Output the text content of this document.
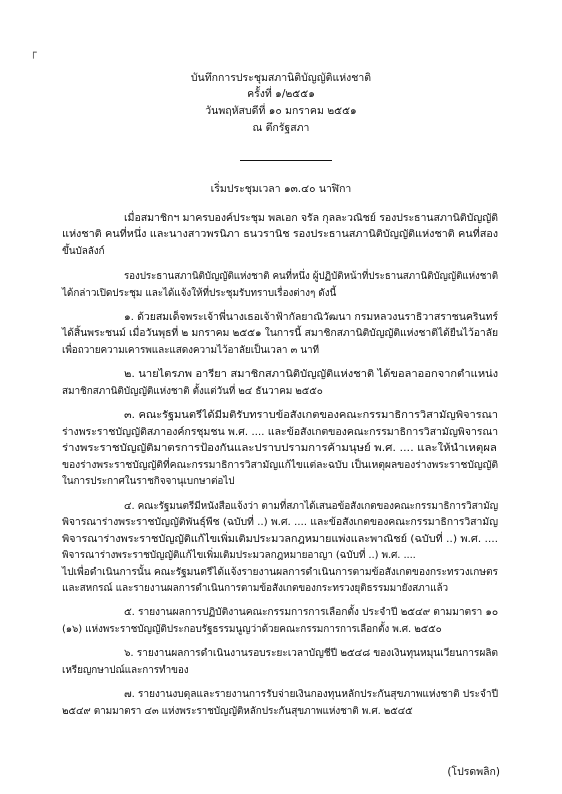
┌
บันทึกการประชุมสภานิติบัญญัติแห่งชาติ
ครั้งที่ ๑/๒๕๕๑
วันพฤหัสบดีที่ ๑๐ มกราคม ๒๕๕๑
ณ ตึกรัฐสภา
เริ่มประชุมเวลา ๑๓.๔๐ นาฬิกา
เมื่อสมาชิกฯ มาครบองค์ประชุม พลเอก จรัล กุลละวณิชย์ รองประธานสภานิติบัญญัติ
แห่งชาติ คนที่หนึ่ง และนางสาวพรนิภา ธนวรานิช รองประธานสภานิติบัญญัติแห่งชาติ คนที่สอง
ขึ้นบัลลังก์
รองประธานสภานิติบัญญัติแห่งชาติ คนที่หนึ่ง ผู้ปฏิบัติหน้าที่ประธานสภานิติบัญญัติแห่งชาติ
ได้กล่าวเปิดประชุม และได้แจ้งให้ที่ประชุมรับทราบเรื่องต่างๆ ดังนี้
๑. ด้วยสมเด็จพระเจ้าพี่นางเธอเจ้าฟ้ากัลยาณิวัฒนา กรมหลวงนราธิวาสราชนครินทร์
ได้สิ้นพระชนม์ เมื่อวันพุธที่ ๒ มกราคม ๒๕๕๑ ในการนี้ สมาชิกสภานิติบัญญัติแห่งชาติได้ยืนไว้อาลัย
เพื่อถวายความเคารพและแสดงความไว้อาลัยเป็นเวลา ๓ นาที
๒. นายไตรภพ อารียา สมาชิกสภานิติบัญญัติแห่งชาติ ได้ขอลาออกจากตำแหน่ง
สมาชิกสภานิติบัญญัติแห่งชาติ ตั้งแต่วันที่ ๒๔ ธันวาคม ๒๕๕๐
๓. คณะรัฐมนตรีได้มีมติรับทราบข้อสังเกตของคณะกรรมาธิการวิสามัญพิจารณา
ร่างพระราชบัญญัติสภาองค์กรชุมชน พ.ศ. .... และข้อสังเกตของคณะกรรมาธิการวิสามัญพิจารณา
ร่างพระราชบัญญัติมาตรการป้องกันและปราบปรามการค้ามนุษย์ พ.ศ. .... และให้นำเหตุผล
ของร่างพระราชบัญญัติที่คณะกรรมาธิการวิสามัญแก้ไขแต่ละฉบับ เป็นเหตุผลของร่างพระราชบัญญัติ
ในการประกาศในราชกิจจานุเบกษาต่อไป
๔. คณะรัฐมนตรีมีหนังสือแจ้งว่า ตามที่สภาได้เสนอข้อสังเกตของคณะกรรมาธิการวิสามัญ
พิจารณาร่างพระราชบัญญัติพันธุ์พืช (ฉบับที่ ..) พ.ศ. .... และข้อสังเกตของคณะกรรมาธิการวิสามัญ
พิจารณาร่างพระราชบัญญัติแก้ไขเพิ่มเติมประมวลกฎหมายแพ่งและพาณิชย์ (ฉบับที่ ..) พ.ศ. ....
พิจารณาร่างพระราชบัญญัติแก้ไขเพิ่มเติมประมวลกฎหมายอาญา (ฉบับที่ ..) พ.ศ. ....
ไปเพื่อดำเนินการนั้น คณะรัฐมนตรีได้แจ้งรายงานผลการดำเนินการตามข้อสังเกตของกระทรวงเกษตร
และสหกรณ์ และรายงานผลการดำเนินการตามข้อสังเกตของกระทรวงยุติธรรมมายังสภาแล้ว
๕. รายงานผลการปฏิบัติงานคณะกรรมการการเลือกตั้ง ประจำปี ๒๕๔๙ ตามมาตรา ๑๐
(๑๖) แห่งพระราชบัญญัติประกอบรัฐธรรมนูญว่าด้วยคณะกรรมการการเลือกตั้ง พ.ศ. ๒๕๕๐
๖. รายงานผลการดำเนินงานรอบระยะเวลาบัญชีปี ๒๕๔๘ ของเงินทุนหมุนเวียนการผลิต
เหรียญกษาปณ์และการทำของ
๗. รายงานงบดุลและรายงานการรับจ่ายเงินกองทุนหลักประกันสุขภาพแห่งชาติ ประจำปี
๒๕๔๙ ตามมาตรา ๔๓ แห่งพระราชบัญญัติหลักประกันสุขภาพแห่งชาติ พ.ศ. ๒๕๔๕
(โปรดพลิก)
